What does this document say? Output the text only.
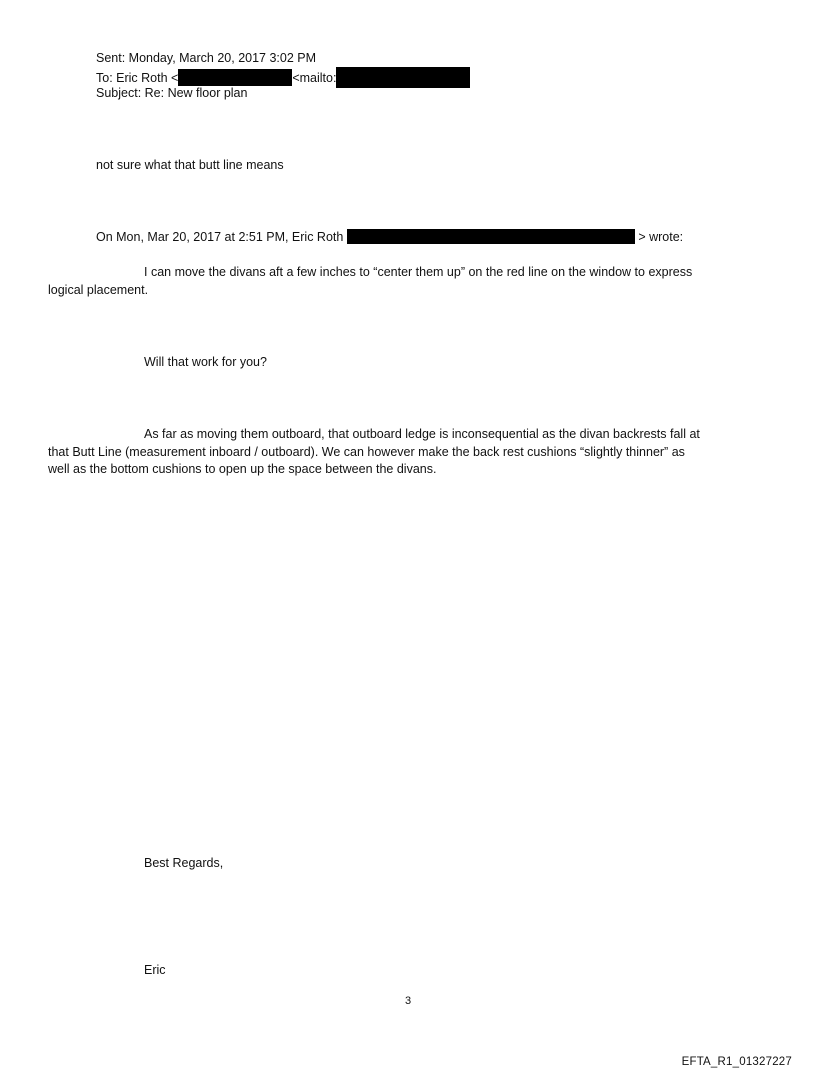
Sent: Monday, March 20, 2017 3:02 PM
To: Eric Roth <	<mailto:
Subject: Re: New floor plan
not sure what that butt line means
On Mon, Mar 20, 2017 at 2:51 PM, Eric Roth	> wrote:
I can move the divans aft a few inches to “center them up” on the red line on the window to express
logical placement.
Will that work for you?
As far as moving them outboard, that outboard ledge is inconsequential as the divan backrests fall at
that Butt Line (measurement inboard / outboard). We can however make the back rest cushions “slightly thinner” as
well as the bottom cushions to open up the space between the divans.
Best Regards,
Eric
3
EFTA_R1_01327227
